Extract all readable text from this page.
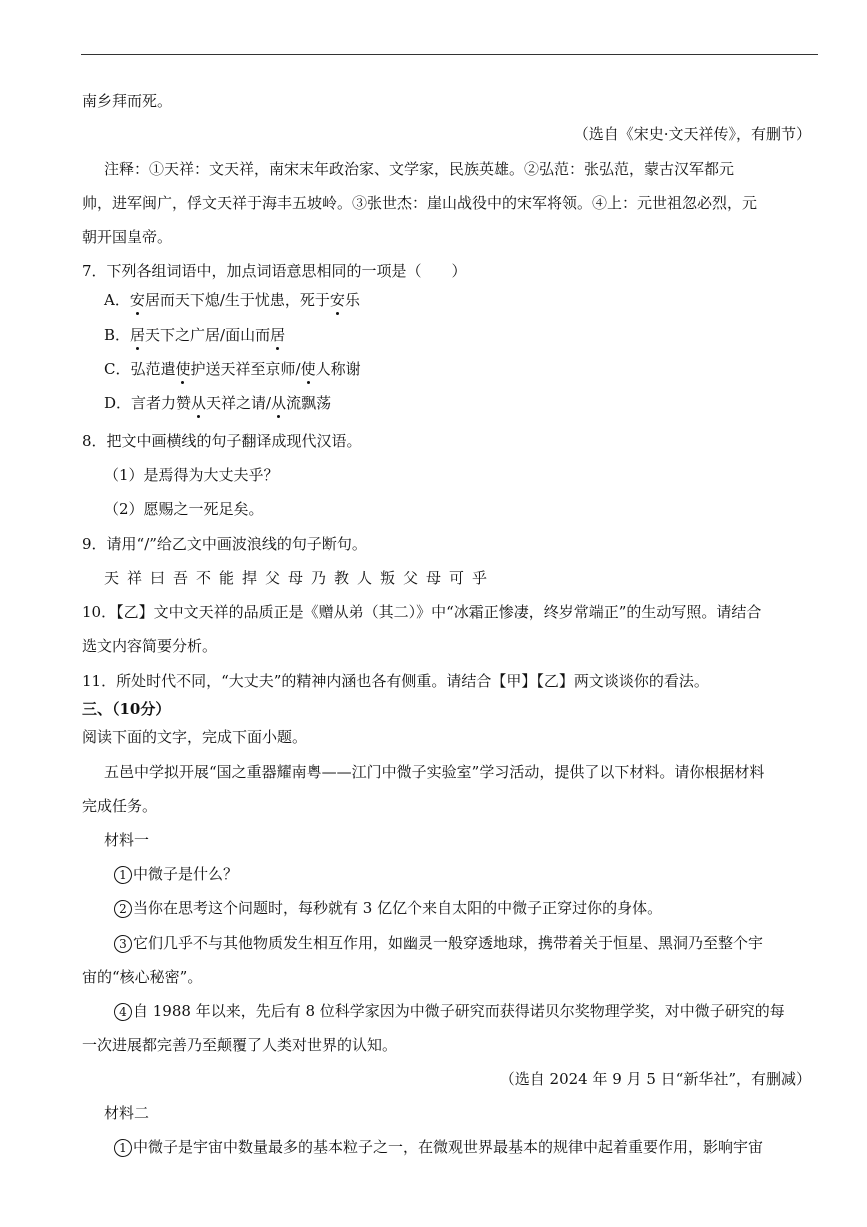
南乡拜而死。
（选自《宋史·文天祥传》，有删节）
注释：①天祥：文天祥，南宋末年政治家、文学家，民族英雄。②弘范：张弘范，蒙古汉军都元
帅，进军闽广，俘文天祥于海丰五坡岭。③张世杰：崖山战役中的宋军将领。④上：元世祖忽必烈，元
朝开国皇帝。
7．下列各组词语中，加点词语意思相同的一项是（　　）
A．安居而天下熄/生于忧患，死于安乐
B．居天下之广居/面山而居
C．弘范遣使护送天祥至京师/使人称谢
D．言者力赞从天祥之请/从流飘荡
8．把文中画横线的句子翻译成现代汉语。
（1）是焉得为大丈夫乎？
（2）愿赐之一死足矣。
9．请用“/”给乙文中画波浪线的句子断句。
天祥曰吾不能捍父母乃教人叛父母可乎
10．【乙】文中文天祥的品质正是《赠从弟（其二）》中“冰霜正惨凄，终岁常端正”的生动写照。请结合
选文内容简要分析。
11．所处时代不同，“大丈夫”的精神内涵也各有侧重。请结合【甲】【乙】两文谈谈你的看法。
三、（10分）
阅读下面的文字，完成下面小题。
五邑中学拟开展“国之重器耀南粤——江门中微子实验室”学习活动，提供了以下材料。请你根据材料
完成任务。
材料一
1 中微子是什么？
2 当你在思考这个问题时，每秒就有 3 亿亿个来自太阳的中微子正穿过你的身体。
3 它们几乎不与其他物质发生相互作用，如幽灵一般穿透地球，携带着关于恒星、黑洞乃至整个宇
宙的“核心秘密”。
4 自 1988 年以来，先后有 8 位科学家因为中微子研究而获得诺贝尔奖物理学奖，对中微子研究的每
一次进展都完善乃至颠覆了人类对世界的认知。
（选自 2024 年 9 月 5 日“新华社”，有删减）
材料二
1 中微子是宇宙中数量最多的基本粒子之一，在微观世界最基本的规律中起着重要作用，影响宇宙
